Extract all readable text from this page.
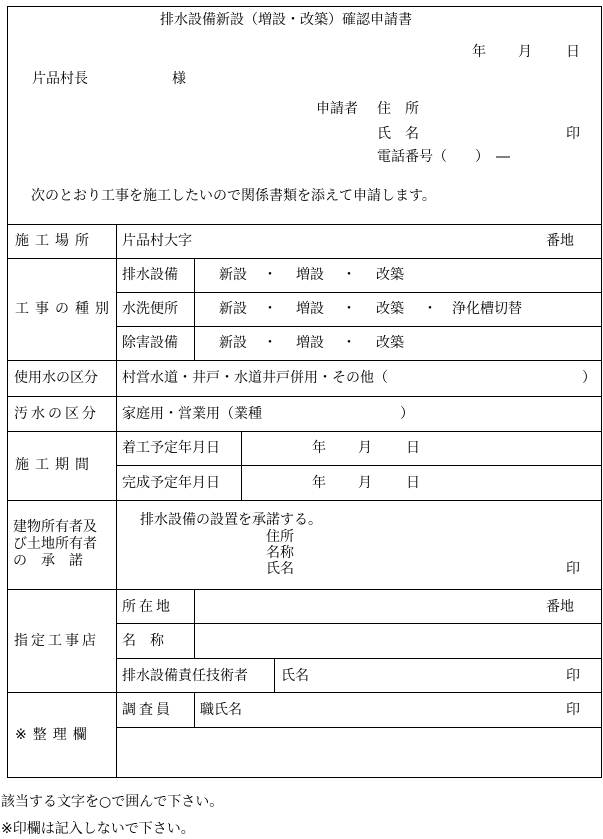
排水設備新設（増設・改築）確認申請書
年 月 日
片品村長	様
申請者 住　所
氏　名	印
電話番号（　　）　―
次のとおり工事を施工したいので関係書類を添えて申請します。
施工場所 片品村大字	番地
工事の種別
排水設備	新設 ・ 増設 ・ 改築
水洗便所	新設 ・ 増設 ・ 改築 ・ 浄化槽切替
除害設備	新設 ・ 増設 ・ 改築
使用水の区分 村営水道・井戸・水道井戸併用・その他（	）
汚水の区分 家庭用・営業用（業種	）
施工期間
着工予定年月日	年 月 日
完成予定年月日	年 月 日
建物所有者及
び土地所有者
の　承　諾
排水設備の設置を承諾する。
住所
名称
氏名	印
指定工事店
所在地	番地
名　称
排水設備責任技術者 氏名	印
※整理欄
調査員 職氏名	印
該当する文字を○で囲んで下さい。
※印欄は記入しないで下さい。
